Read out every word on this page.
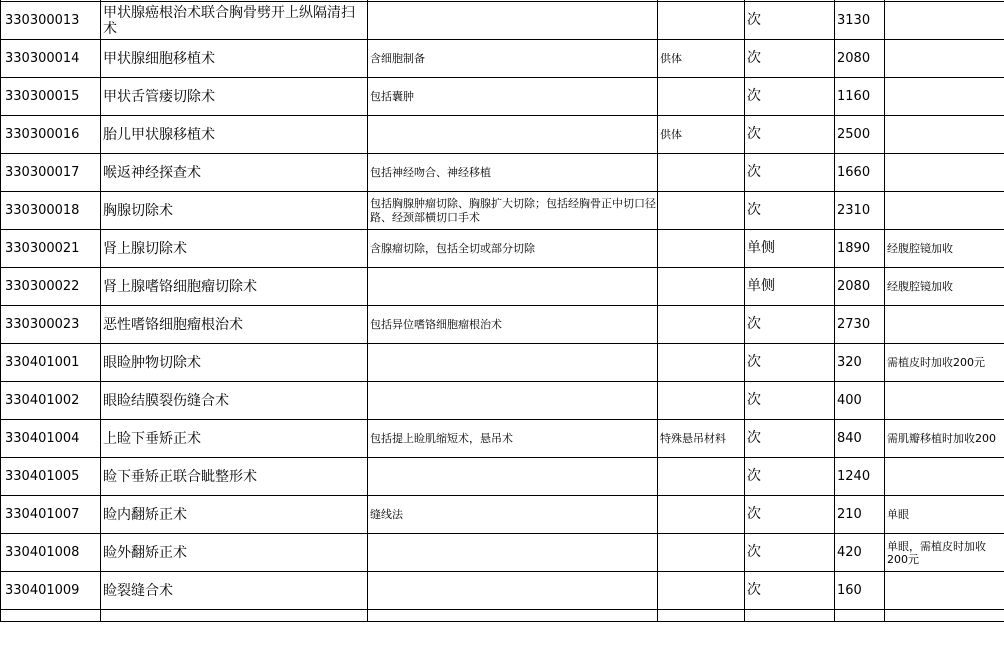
330300013	甲状腺癌根治术联合胸骨劈开上纵隔清扫术			次	3130	
330300014	甲状腺细胞移植术	含细胞制备	供体	次	2080	
330300015	甲状舌管瘘切除术	包括囊肿		次	1160	
330300016	胎儿甲状腺移植术		供体	次	2500	
330300017	喉返神经探查术	包括神经吻合、神经移植		次	1660	
330300018	胸腺切除术	包括胸腺肿瘤切除、胸腺扩大切除；包括经胸骨正中切口径路、经颈部横切口手术		次	2310	
330300021	肾上腺切除术	含腺瘤切除，包括全切或部分切除		单侧	1890	经腹腔镜加收
330300022	肾上腺嗜铬细胞瘤切除术			单侧	2080	经腹腔镜加收
330300023	恶性嗜铬细胞瘤根治术	包括异位嗜铬细胞瘤根治术		次	2730	
330401001	眼睑肿物切除术			次	320	需植皮时加收200元
330401002	眼睑结膜裂伤缝合术			次	400	
330401004	上睑下垂矫正术	包括提上睑肌缩短术，悬吊术	特殊悬吊材料	次	840	需肌瓣移植时加收200
330401005	睑下垂矫正联合眦整形术			次	1240	
330401007	睑内翻矫正术	缝线法		次	210	单眼
330401008	睑外翻矫正术			次	420	单眼，需植皮时加收200元
330401009	睑裂缝合术			次	160	
